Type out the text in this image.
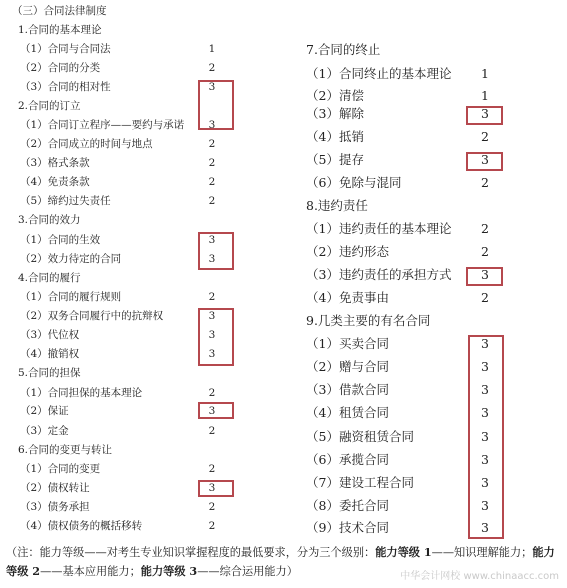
（三）合同法律制度
1.合同的基本理论
（1）合同与合同法	1
（2）合同的分类	2
（3）合同的相对性	3
2.合同的订立
（1）合同订立程序——要约与承诺	3
（2）合同成立的时间与地点	2
（3）格式条款	2
（4）免责条款	2
（5）缔约过失责任	2
3.合同的效力
（1）合同的生效	3
（2）效力待定的合同	3
4.合同的履行
（1）合同的履行规则	2
（2）双务合同履行中的抗辩权	3
（3）代位权	3
（4）撤销权	3
5.合同的担保
（1）合同担保的基本理论	2
（2）保证	3
（3）定金	2
6.合同的变更与转让
（1）合同的变更	2
（2）债权转让	3
（3）债务承担	2
（4）债权债务的概括移转	2
7.合同的终止
（1）合同终止的基本理论 1
（2）清偿	1
（3）解除	3
（4）抵销	2
（5）提存	3
（6）免除与混同	2
8.违约责任
（1）违约责任的基本理论 2
（2）违约形态	2
（3）违约责任的承担方式 3
（4）免责事由	2
9.几类主要的有名合同
（1）买卖合同	3
（2）赠与合同	3
（3）借款合同	3
（4）租赁合同	3
（5）融资租赁合同	3
（6）承揽合同	3
（7）建设工程合同	3
（8）委托合同	3
（9）技术合同	3
（注：能力等级——对考生专业知识掌握程度的最低要求，分为三个级别：能力等级 1——知识理解能力；能力等级 2——基本应用能力；能力等级 3——综合运用能力）	中华会计网校 www.chinaacc.com
